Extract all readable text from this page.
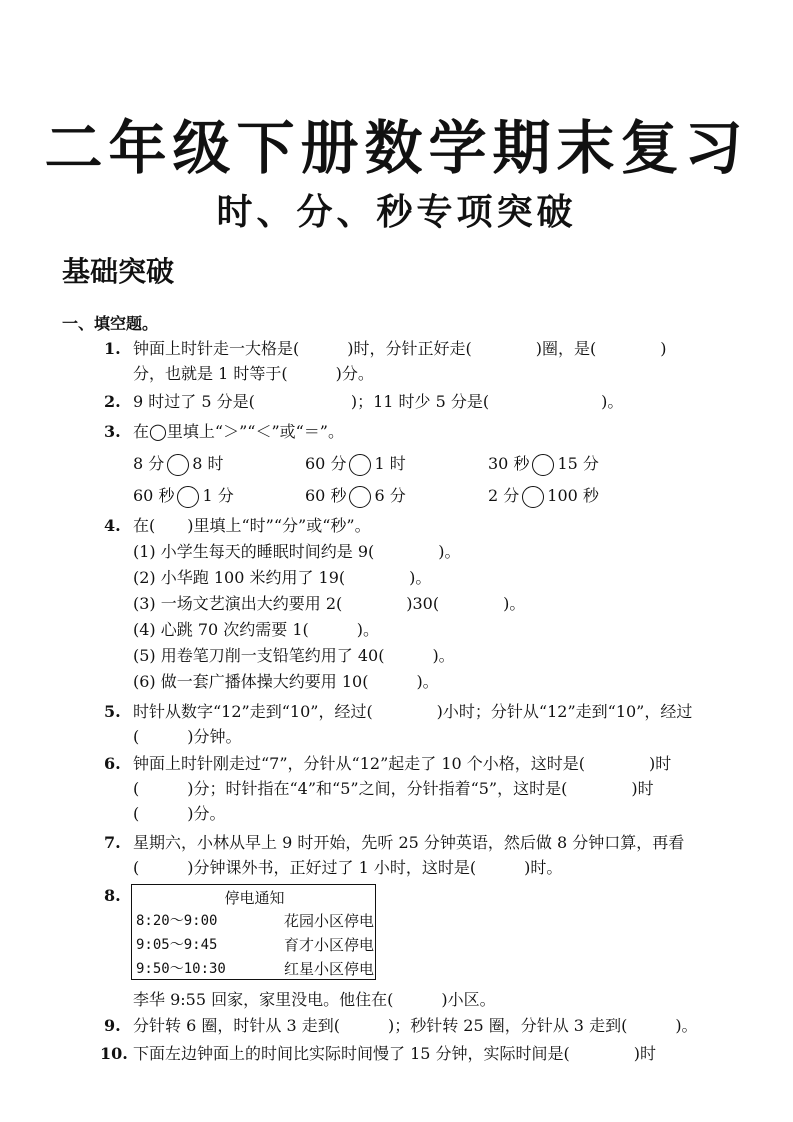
二年级下册数学期末复习
时、分、秒专项突破
基础突破
一、填空题。
1. 钟面上时针走一大格是(　　　)时，分针正好走(　　　　)圈，是(　　　　)
分，也就是 1 时等于(　　　)分。
2. 9 时过了 5 分是(　　　　　　)；11 时少 5 分是(　　　　　　　)。
3. 在◯里填上“＞”“＜”或“＝”。
8 分 8 时	60 分 1 时	30 秒 15 分
60 秒 1 分	60 秒 6 分	2 分 100 秒
4. 在(　　)里填上“时”“分”或“秒”。
(1) 小学生每天的睡眠时间约是 9(　　　　)。
(2) 小华跑 100 米约用了 19(　　　　)。
(3) 一场文艺演出大约要用 2(　　　　)30(　　　　)。
(4) 心跳 70 次约需要 1(　　　)。
(5) 用卷笔刀削一支铅笔约用了 40(　　　)。
(6) 做一套广播体操大约要用 10(　　　)。
5. 时针从数字“12”走到“10”，经过(　　　　)小时；分针从“12”走到“10”，经过
(　　　)分钟。
6. 钟面上时针刚走过“7”，分针从“12”起走了 10 个小格，这时是(　　　　)时
(　　　)分；时针指在“4”和“5”之间，分针指着“5”，这时是(　　　　)时
(　　　)分。
7. 星期六，小林从早上 9 时开始，先听 25 分钟英语，然后做 8 分钟口算，再看
(　　　)分钟课外书，正好过了 1 小时，这时是(　　　)时。
8.	停电通知
8:20～9:00	花园小区停电
9:05～9:45	育才小区停电
9:50～10:30	红星小区停电
李华 9:55 回家，家里没电。他住在(　　　)小区。
9. 分针转 6 圈，时针从 3 走到(　　　)；秒针转 25 圈，分针从 3 走到(　　　)。
10. 下面左边钟面上的时间比实际时间慢了 15 分钟，实际时间是(　　　　)时
